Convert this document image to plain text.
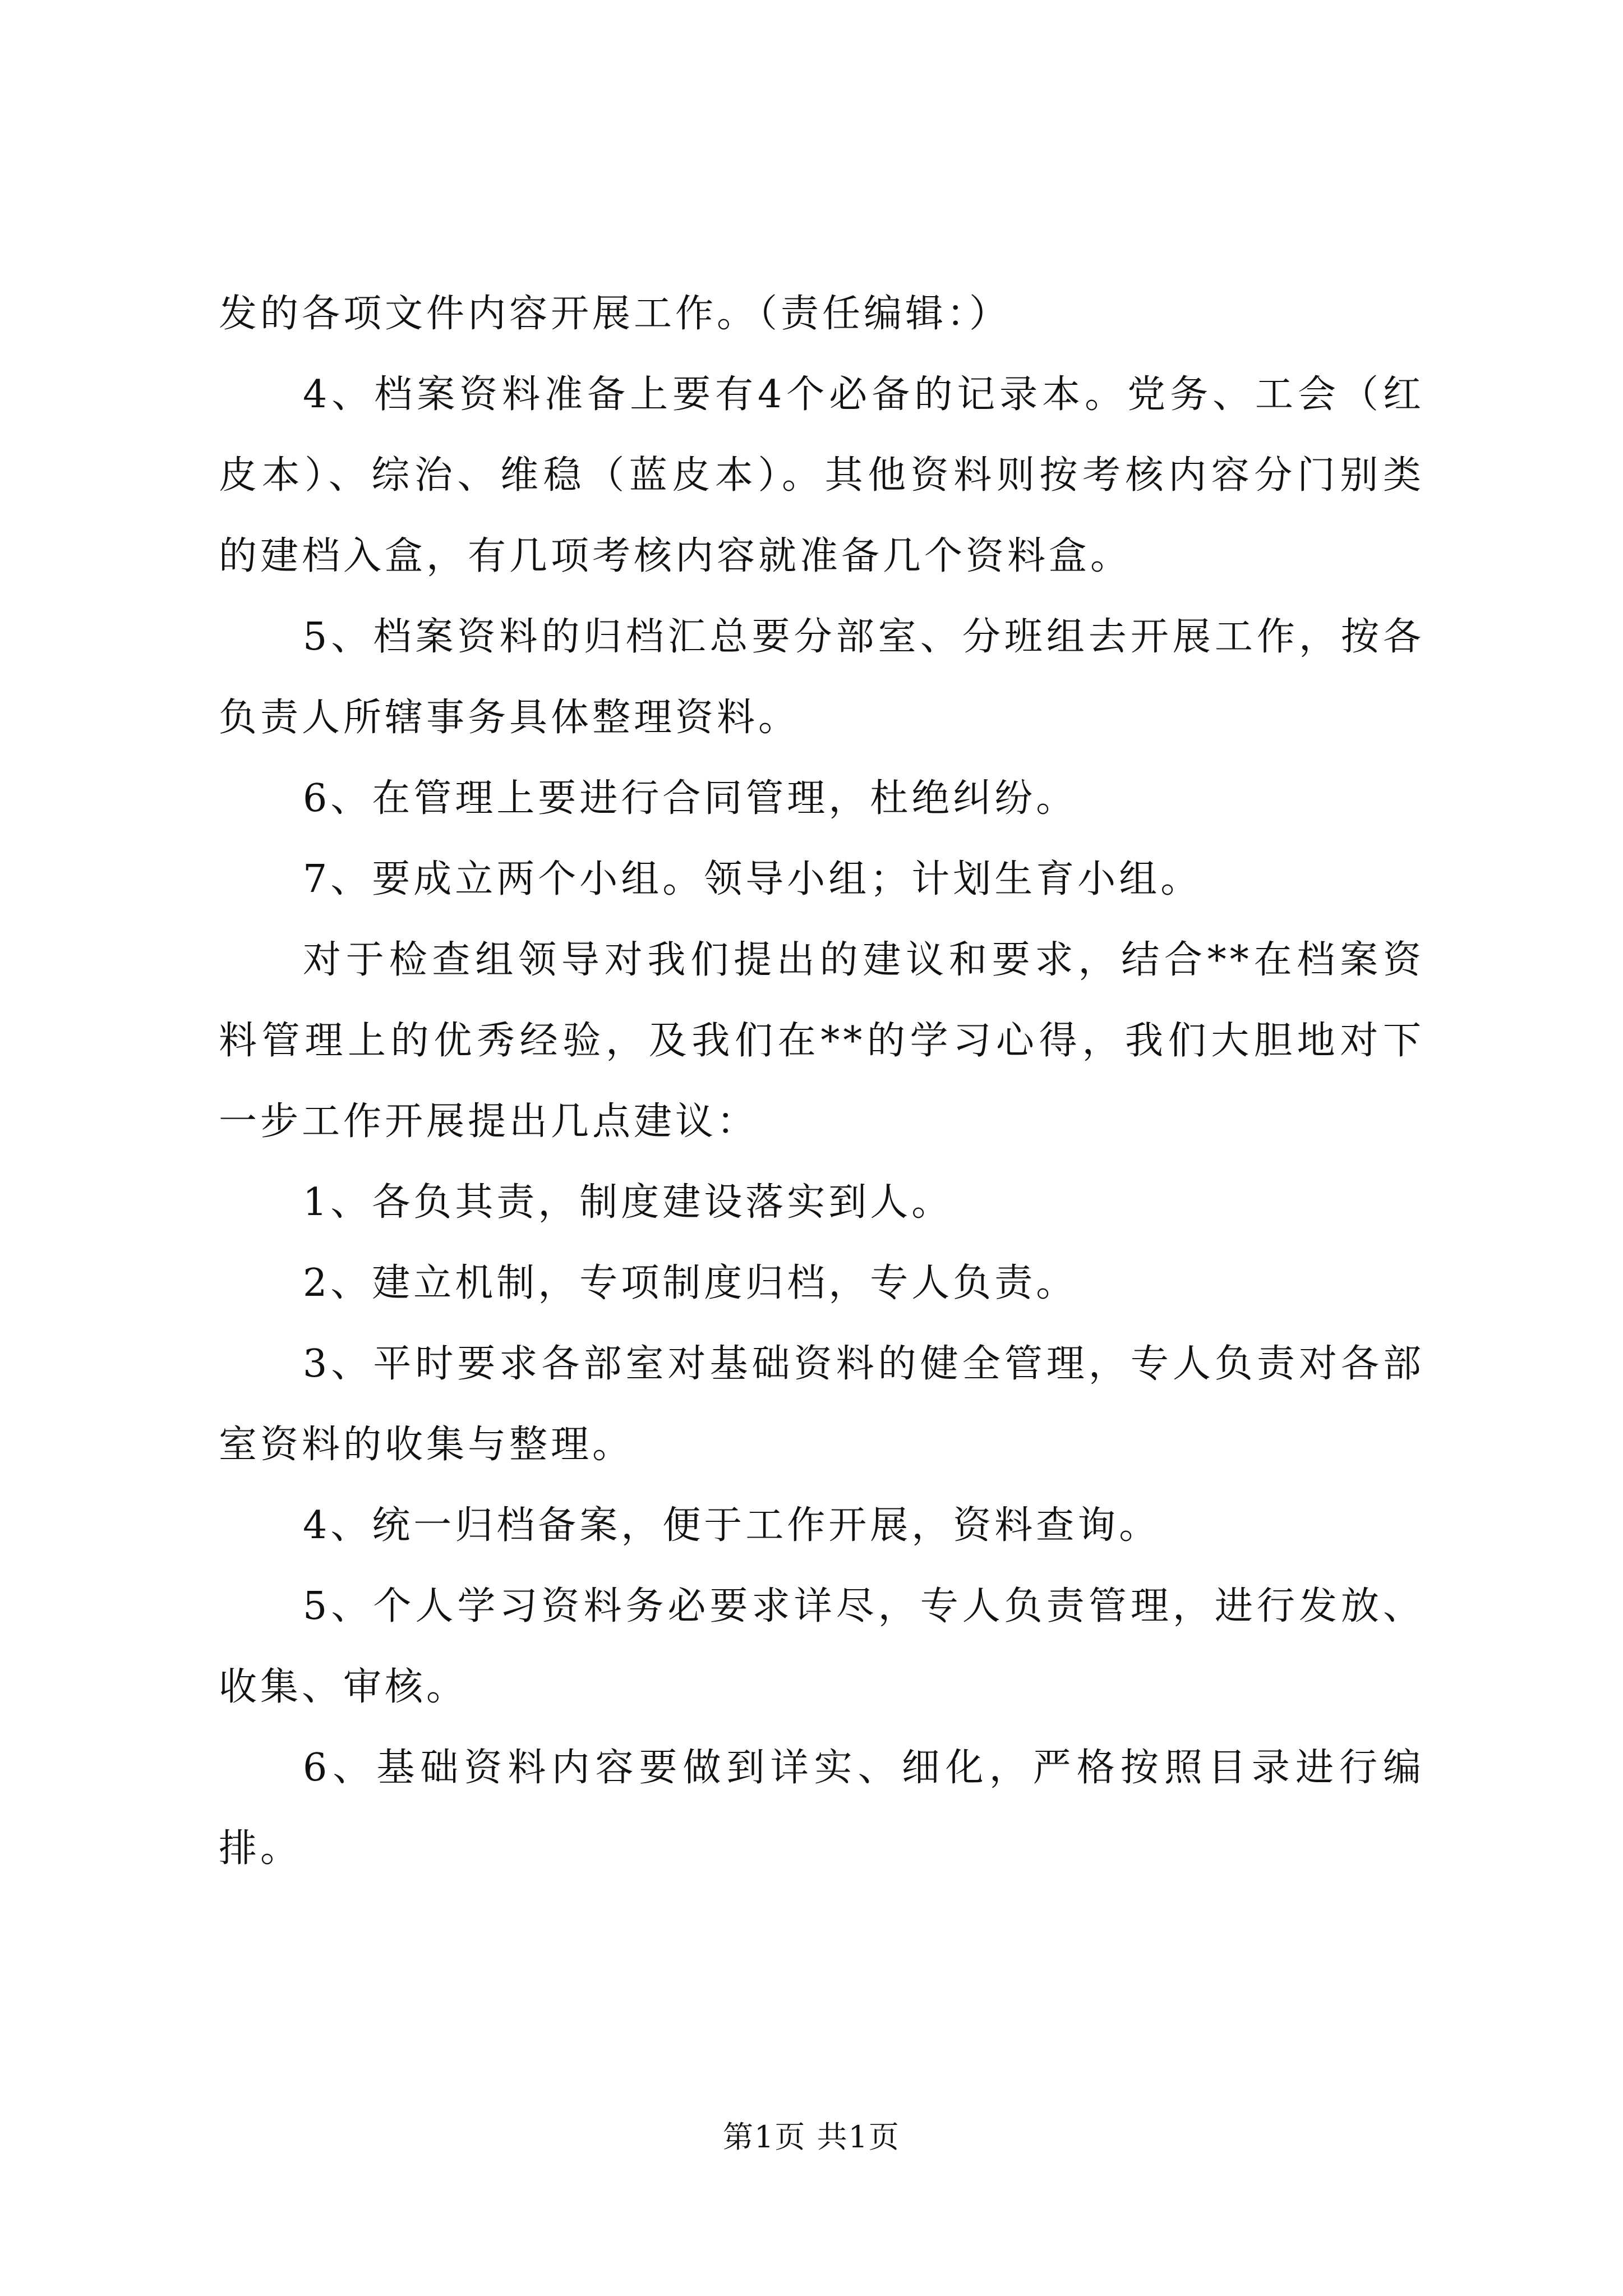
发的各项文件内容开展工作。（责任编辑：）

4、档案资料准备上要有4个必备的记录本。党务、工会（红皮本）、综治、维稳（蓝皮本）。其他资料则按考核内容分门别类的建档入盒，有几项考核内容就准备几个资料盒。

5、档案资料的归档汇总要分部室、分班组去开展工作，按各负责人所辖事务具体整理资料。

6、在管理上要进行合同管理，杜绝纠纷。

7、要成立两个小组。领导小组；计划生育小组。

对于检查组领导对我们提出的建议和要求，结合**在档案资料管理上的优秀经验，及我们在**的学习心得，我们大胆地对下一步工作开展提出几点建议：

1、各负其责，制度建设落实到人。

2、建立机制，专项制度归档，专人负责。

3、平时要求各部室对基础资料的健全管理，专人负责对各部室资料的收集与整理。

4、统一归档备案，便于工作开展，资料查询。

5、个人学习资料务必要求详尽，专人负责管理，进行发放、收集、审核。

6、基础资料内容要做到详实、细化，严格按照目录进行编排。

第1页 共1页
